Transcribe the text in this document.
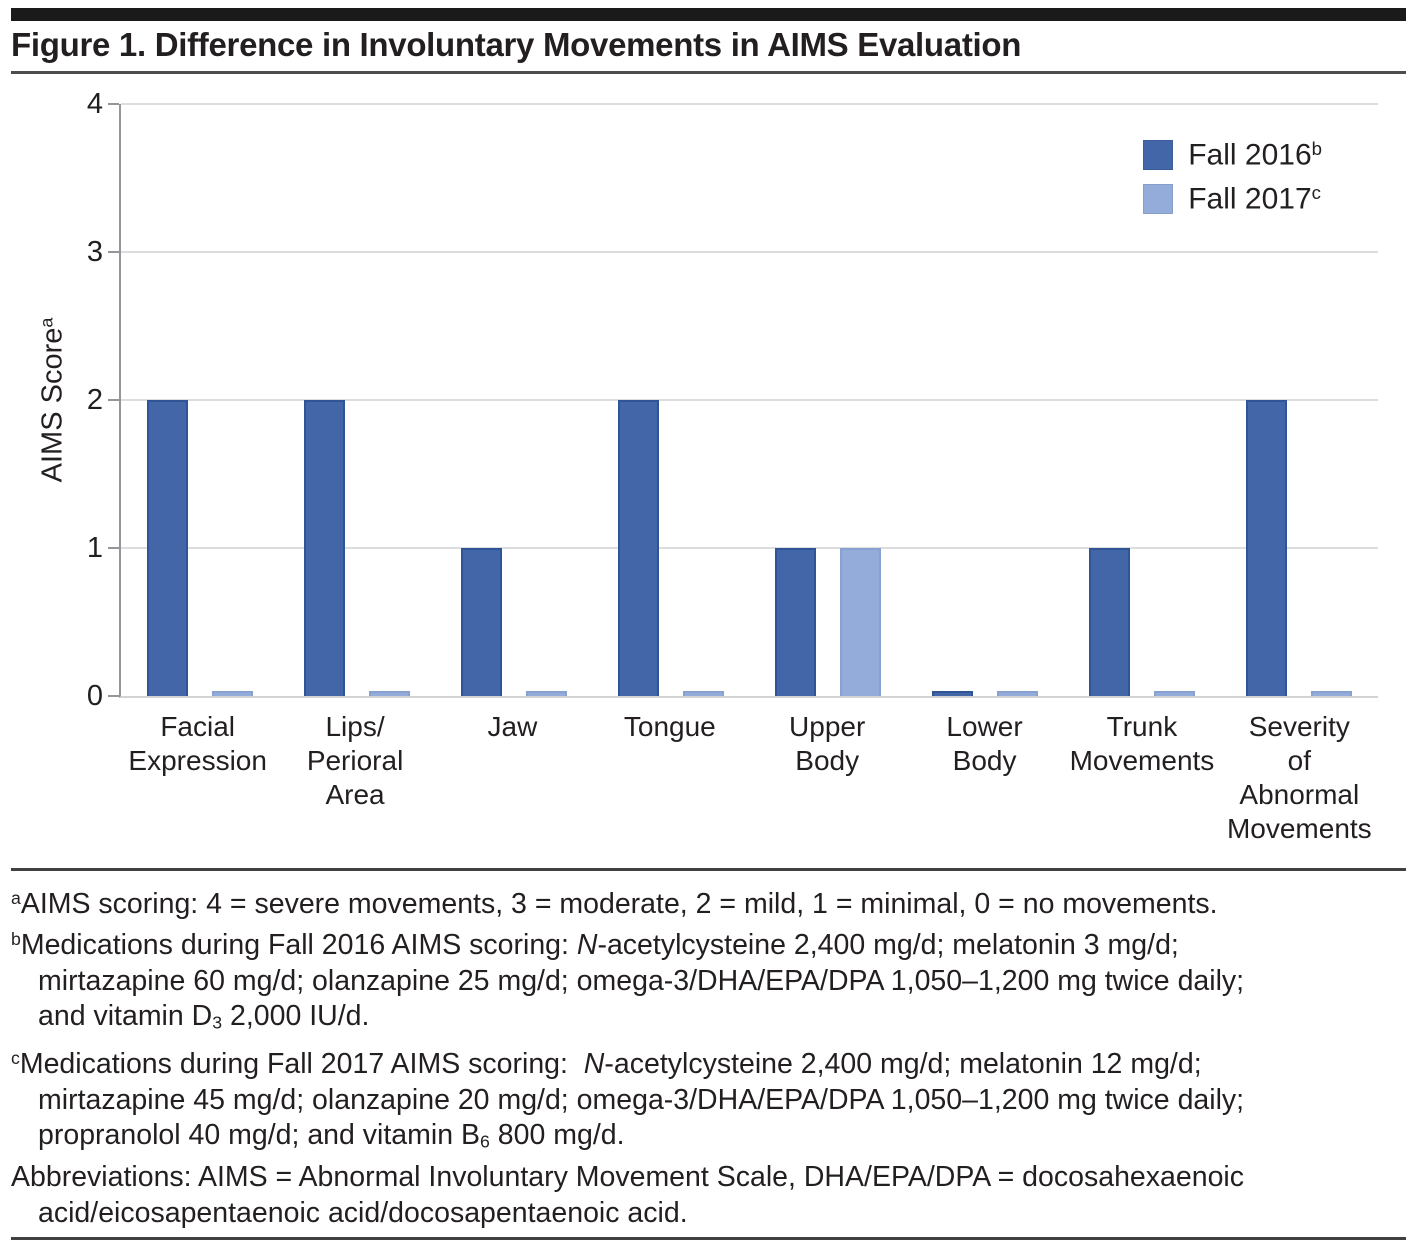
Figure 1. Difference in Involuntary Movements in AIMS Evaluation
AIMS Score$^a$
Fall 2016$^b$
Fall 2017$^c$
0
1
2
3
4
Facial
Expression
Lips/
Perioral
Area
Jaw	Tongue	Upper
Body
Lower
Body
Trunk
Movements
Severity
of
Abnormal
Movements
$^a$AIMS scoring: 4 = severe movements, 3 = moderate, 2 = mild, 1 = minimal, 0 = no movements.
$^b$Medications during Fall 2016 AIMS scoring: N-acetylcysteine 2,400 mg/d; melatonin 3 mg/d;
mirtazapine 60 mg/d; olanzapine 25 mg/d; omega-3/DHA/EPA/DPA 1,050–1,200 mg twice daily;
and vitamin D3 2,000 IU/d.
$^c$Medications during Fall 2017 AIMS scoring:  N-acetylcysteine 2,400 mg/d; melatonin 12 mg/d;
mirtazapine 45 mg/d; olanzapine 20 mg/d; omega-3/DHA/EPA/DPA 1,050–1,200 mg twice daily;
propranolol 40 mg/d; and vitamin B6 800 mg/d.
Abbreviations: AIMS = Abnormal Involuntary Movement Scale, DHA/EPA/DPA = docosahexaenoic
acid/eicosapentaenoic acid/docosapentaenoic acid.
